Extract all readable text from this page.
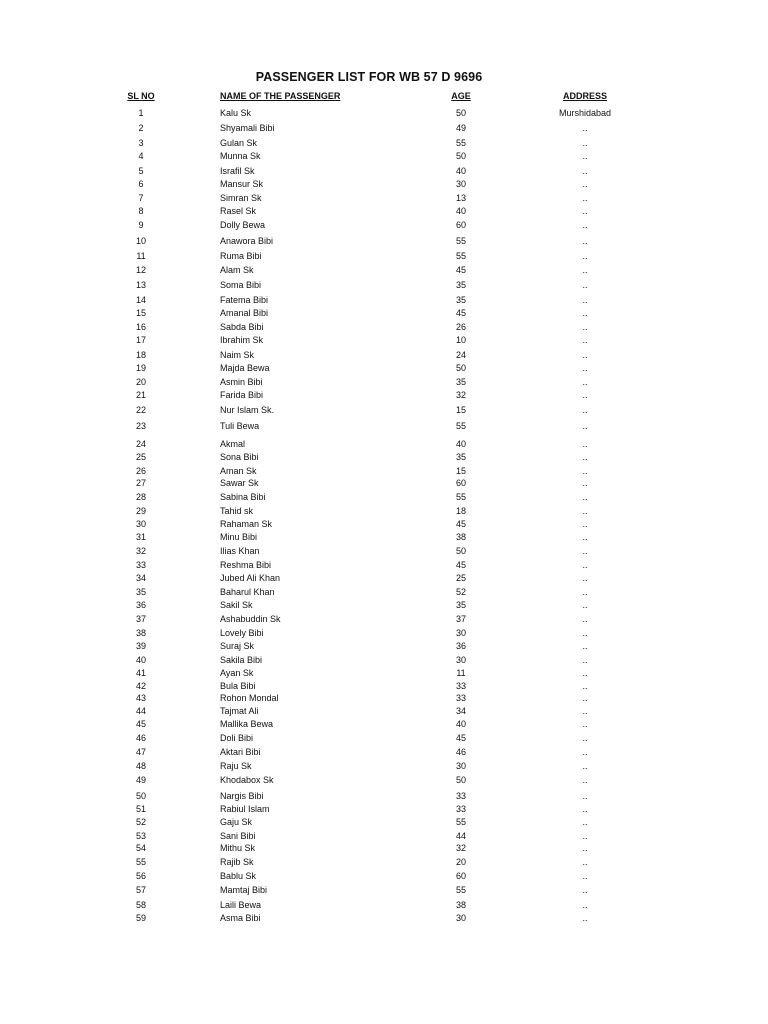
PASSENGER LIST FOR WB 57 D 9696
SL NO	NAME OF THE PASSENGER	AGE	ADDRESS
1	Kalu Sk	50	Murshidabad
2	Shyamali Bibi	49	..
3	Gulan Sk	55	..
4	Munna Sk	50	..
5	Israfil Sk	40	..
6	Mansur Sk	30	..
7	Simran Sk	13	..
8	Rasel Sk	40	..
9	Dolly Bewa	60	..
10	Anawora Bibi	55	..
11	Ruma Bibi	55	..
12	Alam Sk	45	..
13	Soma Bibi	35	..
14	Fatema Bibi	35	..
15	Amanal Bibi	45	..
16	Sabda Bibi	26	..
17	Ibrahim Sk	10	..
18	Naim Sk	24	..
19	Majda Bewa	50	..
20	Asmin Bibi	35	..
21	Farida Bibi	32	..
22	Nur Islam Sk.	15	..
23	Tuli Bewa	55	..
24	Akmal	40	..
25	Sona Bibi	35	..
26	Aman Sk	15	..
27	Sawar Sk	60	..
28	Sabina Bibi	55	..
29	Tahid sk	18	..
30	Rahaman Sk	45	..
31	Minu Bibi	38	..
32	Ilias Khan	50	..
33	Reshma Bibi	45	..
34	Jubed Ali Khan	25	..
35	Baharul Khan	52	..
36	Sakil Sk	35	..
37	Ashabuddin Sk	37	..
38	Lovely Bibi	30	..
39	Suraj Sk	36	..
40	Sakila Bibi	30	..
41	Ayan Sk	11	..
42	Bula Bibi	33	..
43	Rohon Mondal	33	..
44	Tajmat Ali	34	..
45	Mallika Bewa	40	..
46	Doli Bibi	45	..
47	Aktari Bibi	46	..
48	Raju Sk	30	..
49	Khodabox Sk	50	..
50	Nargis Bibi	33	..
51	Rabiul Islam	33	..
52	Gaju Sk	55	..
53	Sani Bibi	44	..
54	Mithu Sk	32	..
55	Rajib Sk	20	..
56	Bablu Sk	60	..
57	Mamtaj Bibi	55	..
58	Laili Bewa	38	..
59	Asma Bibi	30	..
